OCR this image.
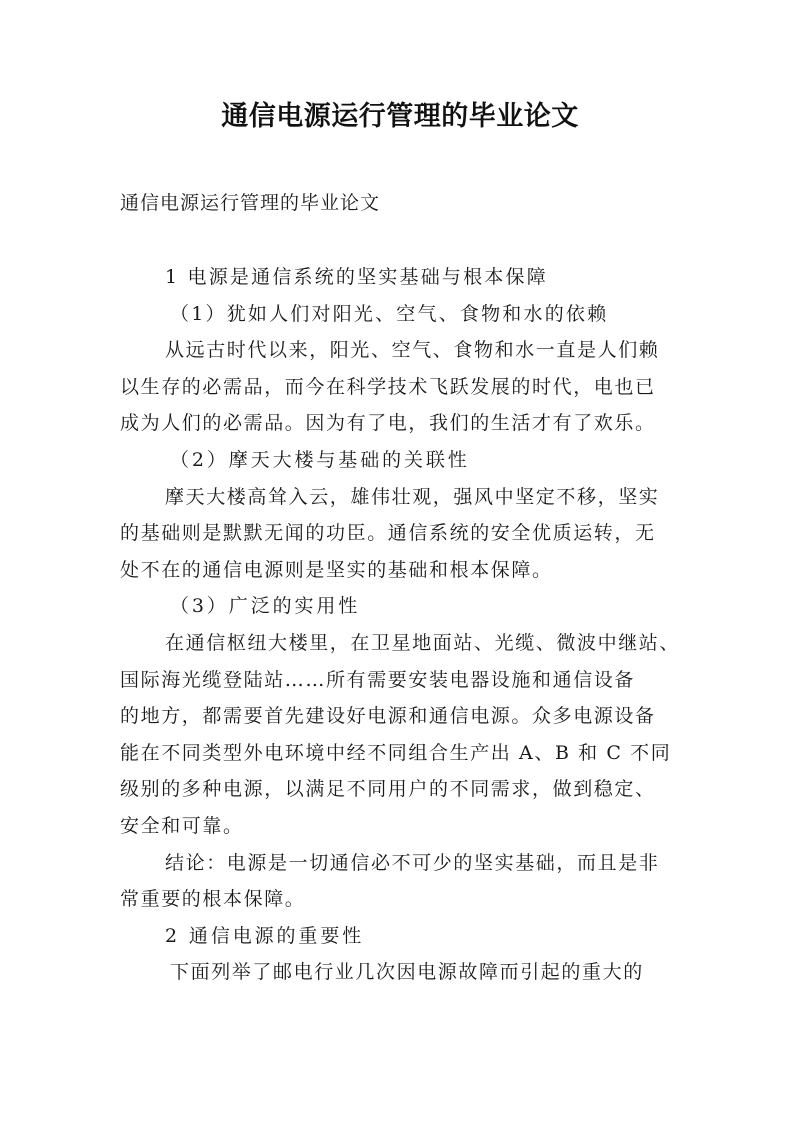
通信电源运行管理的毕业论文
通信电源运行管理的毕业论文
1 电源是通信系统的坚实基础与根本保障
（1）犹如人们对阳光、空气、食物和水的依赖
从远古时代以来，阳光、空气、食物和水一直是人们赖
以生存的必需品，而今在科学技术飞跃发展的时代，电也已
成为人们的必需品。因为有了电，我们的生活才有了欢乐。
（2）摩天大楼与基础的关联性
摩天大楼高耸入云，雄伟壮观，强风中坚定不移，坚实
的基础则是默默无闻的功臣。通信系统的安全优质运转，无
处不在的通信电源则是坚实的基础和根本保障。
（3）广泛的实用性
在通信枢纽大楼里，在卫星地面站、光缆、微波中继站、
国际海光缆登陆站……所有需要安装电器设施和通信设备
的地方，都需要首先建设好电源和通信电源。众多电源设备
能在不同类型外电环境中经不同组合生产出 A、B 和 C 不同
级别的多种电源，以满足不同用户的不同需求，做到稳定、
安全和可靠。
结论：电源是一切通信必不可少的坚实基础，而且是非
常重要的根本保障。
2 通信电源的重要性
下面列举了邮电行业几次因电源故障而引起的重大的
